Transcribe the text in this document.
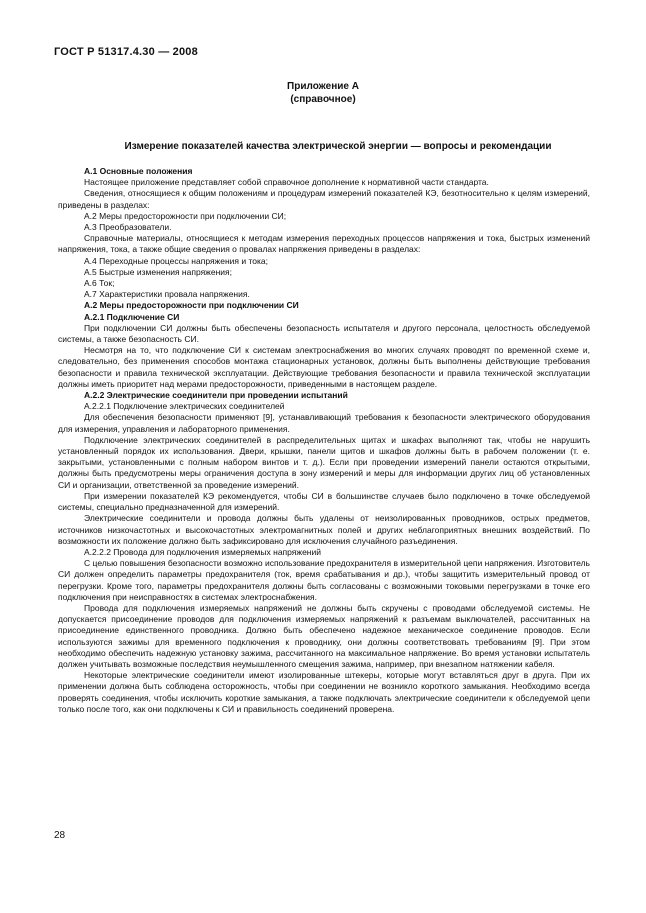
ГОСТ Р 51317.4.30 — 2008
Приложение А
(справочное)
Измерение показателей качества электрической энергии — вопросы и рекомендации

А.1 Основные положения

Настоящее приложение представляет собой справочное дополнение к нормативной части стандарта.

Сведения, относящиеся к общим положениям и процедурам измерений показателей КЭ, безотносительно к целям измерений, приведены в разделах:

А.2 Меры предосторожности при подключении СИ;

А.3 Преобразователи.

Справочные материалы, относящиеся к методам измерения переходных процессов напряжения и тока, быстрых изменений напряжения, тока, а также общие сведения о провалах напряжения приведены в разделах:

А.4 Переходные процессы напряжения и тока;

А.5 Быстрые изменения напряжения;

А.6 Ток;

А.7 Характеристики провала напряжения.

А.2 Меры предосторожности при подключении СИ

А.2.1 Подключение СИ

При подключении СИ должны быть обеспечены безопасность испытателя и другого персонала, целостность обследуемой системы, а также безопасность СИ.

Несмотря на то, что подключение СИ к системам электроснабжения во многих случаях проводят по временной схеме и, следовательно, без применения способов монтажа стационарных установок, должны быть выполнены действующие требования безопасности и правила технической эксплуатации. Действующие требования безопасности и правила технической эксплуатации должны иметь приоритет над мерами предосторожности, приведенными в настоящем разделе.

А.2.2 Электрические соединители при проведении испытаний

А.2.2.1 Подключение электрических соединителей

Для обеспечения безопасности применяют [9], устанавливающий требования к безопасности электрического оборудования для измерения, управления и лабораторного применения.

Подключение электрических соединителей в распределительных щитах и шкафах выполняют так, чтобы не нарушить установленный порядок их использования. Двери, крышки, панели щитов и шкафов должны быть в рабочем положении (т. е. закрытыми, установленными с полным набором винтов и т. д.). Если при проведении измерений панели остаются открытыми, должны быть предусмотрены меры ограничения доступа в зону измерений и меры для информации других лиц об установленных СИ и организации, ответственной за проведение измерений.

При измерении показателей КЭ рекомендуется, чтобы СИ в большинстве случаев было подключено в точке обследуемой системы, специально предназначенной для измерений.

Электрические соединители и провода должны быть удалены от неизолированных проводников, острых предметов, источников низкочастотных и высокочастотных электромагнитных полей и других неблагоприятных внешних воздействий. По возможности их положение должно быть зафиксировано для исключения случайного разъединения.

А.2.2.2 Провода для подключения измеряемых напряжений

С целью повышения безопасности возможно использование предохранителя в измерительной цепи напряжения. Изготовитель СИ должен определить параметры предохранителя (ток, время срабатывания и др.), чтобы защитить измерительный провод от перегрузки. Кроме того, параметры предохранителя должны быть согласованы с возможными токовыми перегрузками в точке его подключения при неисправностях в системах электроснабжения.

Провода для подключения измеряемых напряжений не должны быть скручены с проводами обследуемой системы. Не допускается присоединение проводов для подключения измеряемых напряжений к разъемам выключателей, рассчитанных на присоединение единственного проводника. Должно быть обеспечено надежное механическое соединение проводов. Если используются зажимы для временного подключения к проводнику, они должны соответствовать требованиям [9]. При этом необходимо обеспечить надежную установку зажима, рассчитанного на максимальное напряжение. Во время установки испытатель должен учитывать возможные последствия неумышленного смещения зажима, например, при внезапном натяжении кабеля.

Некоторые электрические соединители имеют изолированные штекеры, которые могут вставляться друг в друга. При их применении должна быть соблюдена осторожность, чтобы при соединении не возникло короткого замыкания. Необходимо всегда проверять соединения, чтобы исключить короткие замыкания, а также подключать электрические соединители к обследуемой цепи только после того, как они подключены к СИ и правильность соединений проверена.

28
